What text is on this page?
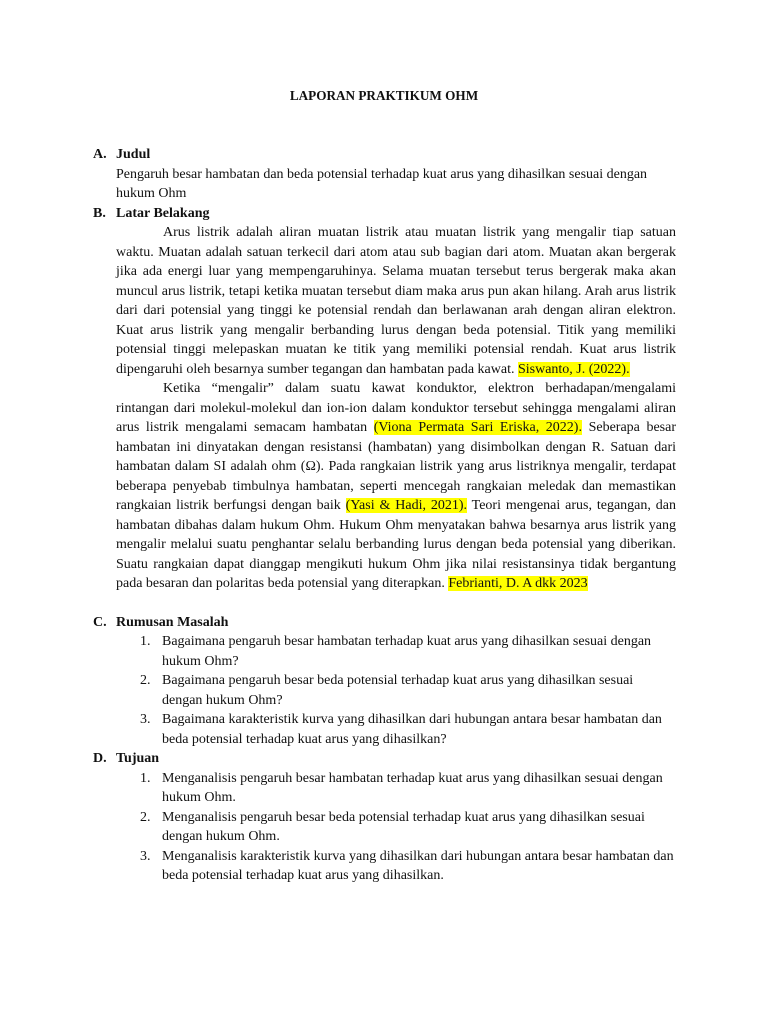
LAPORAN PRAKTIKUM OHM
A. Judul
Pengaruh besar hambatan dan beda potensial terhadap kuat arus yang dihasilkan sesuai dengan hukum Ohm
B. Latar Belakang

Arus listrik adalah aliran muatan listrik atau muatan listrik yang mengalir tiap satuan waktu. Muatan adalah satuan terkecil dari atom atau sub bagian dari atom. Muatan akan bergerak jika ada energi luar yang mempengaruhinya. Selama muatan tersebut terus bergerak maka akan muncul arus listrik, tetapi ketika muatan tersebut diam maka arus pun akan hilang. Arah arus listrik dari dari potensial yang tinggi ke potensial rendah dan berlawanan arah dengan aliran elektron. Kuat arus listrik yang mengalir berbanding lurus dengan beda potensial. Titik yang memiliki potensial tinggi melepaskan muatan ke titik yang memiliki potensial rendah. Kuat arus listrik dipengaruhi oleh besarnya sumber tegangan dan hambatan pada kawat. Siswanto, J. (2022).

Ketika “mengalir” dalam suatu kawat konduktor, elektron berhadapan/mengalami rintangan dari molekul-molekul dan ion-ion dalam konduktor tersebut sehingga mengalami aliran arus listrik mengalami semacam hambatan (Viona Permata Sari Eriska, 2022). Seberapa besar hambatan ini dinyatakan dengan resistansi (hambatan) yang disimbolkan dengan R. Satuan dari hambatan dalam SI adalah ohm (Ω). Pada rangkaian listrik yang arus listriknya mengalir, terdapat beberapa penyebab timbulnya hambatan, seperti mencegah rangkaian meledak dan memastikan rangkaian listrik berfungsi dengan baik (Yasi & Hadi, 2021). Teori mengenai arus, tegangan, dan hambatan dibahas dalam hukum Ohm. Hukum Ohm menyatakan bahwa besarnya arus listrik yang mengalir melalui suatu penghantar selalu berbanding lurus dengan beda potensial yang diberikan. Suatu rangkaian dapat dianggap mengikuti hukum Ohm jika nilai resistansinya tidak bergantung pada besaran dan polaritas beda potensial yang diterapkan. Febrianti, D. A dkk 2023

C. Rumusan Masalah
1. Bagaimana pengaruh besar hambatan terhadap kuat arus yang dihasilkan sesuai dengan hukum Ohm?
2. Bagaimana pengaruh besar beda potensial terhadap kuat arus yang dihasilkan sesuai dengan hukum Ohm?
3. Bagaimana karakteristik kurva yang dihasilkan dari hubungan antara besar hambatan dan beda potensial terhadap kuat arus yang dihasilkan?
D. Tujuan
1. Menganalisis pengaruh besar hambatan terhadap kuat arus yang dihasilkan sesuai dengan hukum Ohm.
2. Menganalisis pengaruh besar beda potensial terhadap kuat arus yang dihasilkan sesuai dengan hukum Ohm.
3. Menganalisis karakteristik kurva yang dihasilkan dari hubungan antara besar hambatan dan beda potensial terhadap kuat arus yang dihasilkan.
